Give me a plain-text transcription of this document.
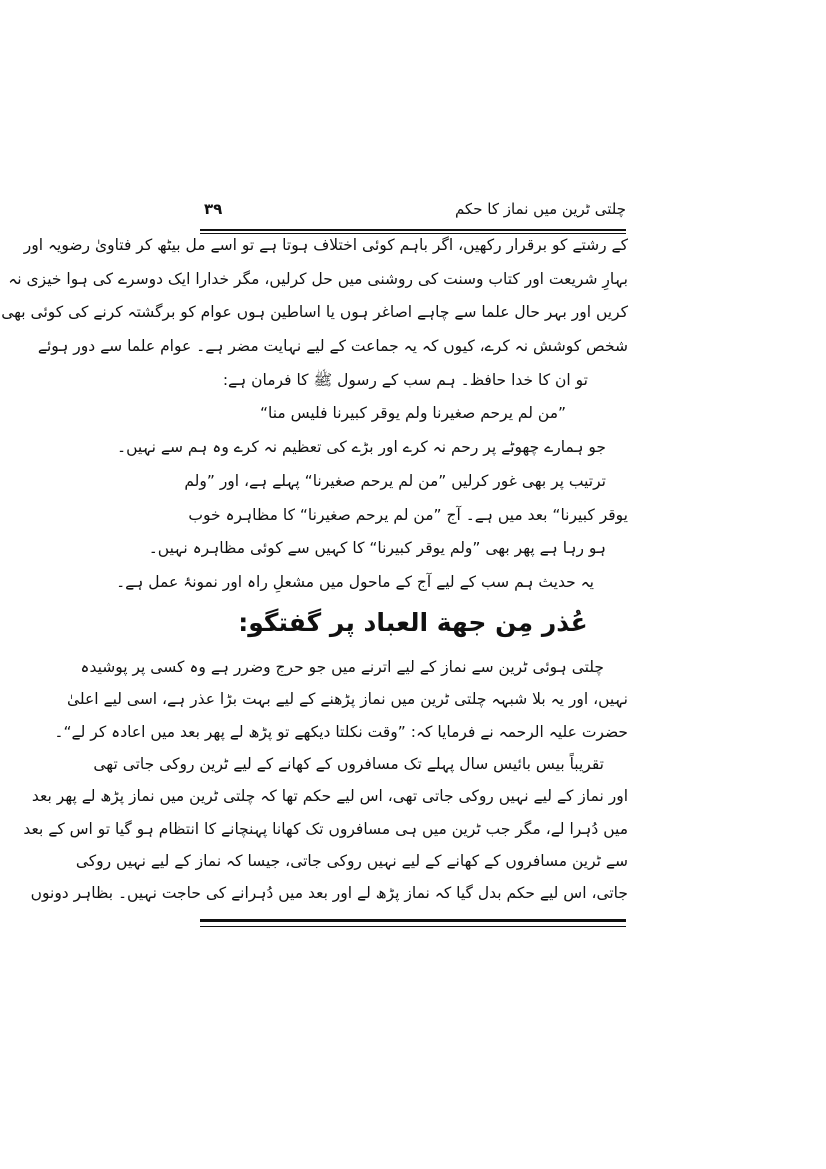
چلتی ٹرین میں نماز کا حکم
۳۹
کے رشتے کو برقرار رکھیں، اگر باہم کوئی اختلاف ہوتا ہے تو اسے مل بیٹھ کر فتاویٰ رضویہ اور
بہارِ شریعت اور کتاب وسنت کی روشنی میں حل کرلیں، مگر خدارا ایک دوسرے کی ہوا خیزی نہ
کریں اور بہر حال علما سے چاہے اصاغر ہوں یا اساطین ہوں عوام کو برگشتہ کرنے کی کوئی بھی
شخص کوشش نہ کرے، کیوں کہ یہ جماعت کے لیے نہایت مضر ہے۔ عوام علما سے دور ہوئے
تو ان کا خدا حافظ۔ ہم سب کے رسول ﷺ کا فرمان ہے:
”من لم یرحم صغیرنا ولم یوقر کبیرنا فلیس منا“
جو ہمارے چھوٹے پر رحم نہ کرے اور بڑے کی تعظیم نہ کرے وہ ہم سے نہیں۔
ترتیب پر بھی غور کرلیں ”من لم یرحم صغیرنا“ پہلے ہے، اور ”ولم
یوقر کبیرنا“ بعد میں ہے۔ آج ”من لم یرحم صغیرنا“ کا مظاہرہ خوب
ہو رہا ہے پھر بھی ”ولم یوقر کبیرنا“ کا کہیں سے کوئی مظاہرہ نہیں۔
یہ حدیث ہم سب کے لیے آج کے ماحول میں مشعلِ راہ اور نمونۂ عمل ہے۔
عُذر مِن جهة العباد پر گفتگو:
چلتی ہوئی ٹرین سے نماز کے لیے اترنے میں جو حرج وضرر ہے وہ کسی پر پوشیدہ
نہیں، اور یہ بلا شبہہ چلتی ٹرین میں نماز پڑھنے کے لیے بہت بڑا عذر ہے، اسی لیے اعلیٰ
حضرت علیہ الرحمہ نے فرمایا کہ: ”وقت نکلتا دیکھے تو پڑھ لے پھر بعد میں اعادہ کر لے“۔
تقریباً بیس بائیس سال پہلے تک مسافروں کے کھانے کے لیے ٹرین روکی جاتی تھی
اور نماز کے لیے نہیں روکی جاتی تھی، اس لیے حکم تھا کہ چلتی ٹرین میں نماز پڑھ لے پھر بعد
میں دُہرا لے، مگر جب ٹرین میں ہی مسافروں تک کھانا پہنچانے کا انتظام ہو گیا تو اس کے بعد
سے ٹرین مسافروں کے کھانے کے لیے نہیں روکی جاتی، جیسا کہ نماز کے لیے نہیں روکی
جاتی، اس لیے حکم بدل گیا کہ نماز پڑھ لے اور بعد میں دُہرانے کی حاجت نہیں۔ بظاہر دونوں
